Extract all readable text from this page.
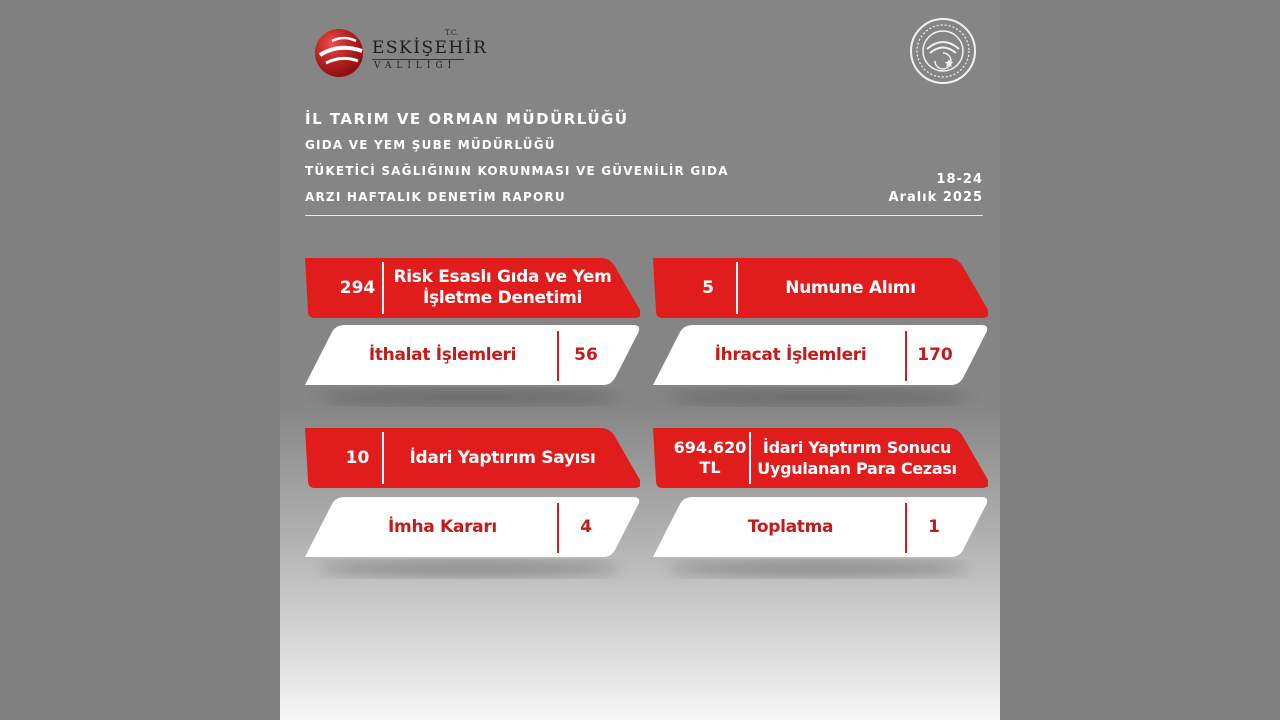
T.C.
ESKİŞEHİR
VALİLİĞİ
İL TARIM VE ORMAN MÜDÜRLÜĞÜ
GIDA VE YEM ŞUBE MÜDÜRLÜĞÜ
TÜKETİCİ SAĞLIĞININ KORUNMASI VE GÜVENİLİR GIDA
ARZI HAFTALIK DENETİM RAPORU
18-24
Aralık 2025
294
Risk Esaslı Gıda ve Yem
İşletme Denetimi
5	Numune Alımı
İthalat İşlemleri	56	İhracat İşlemleri	170
10	İdari Yaptırım Sayısı	694.620
TL
İdari Yaptırım Sonucu
Uygulanan Para Cezası
İmha Kararı	4	Toplatma	1
